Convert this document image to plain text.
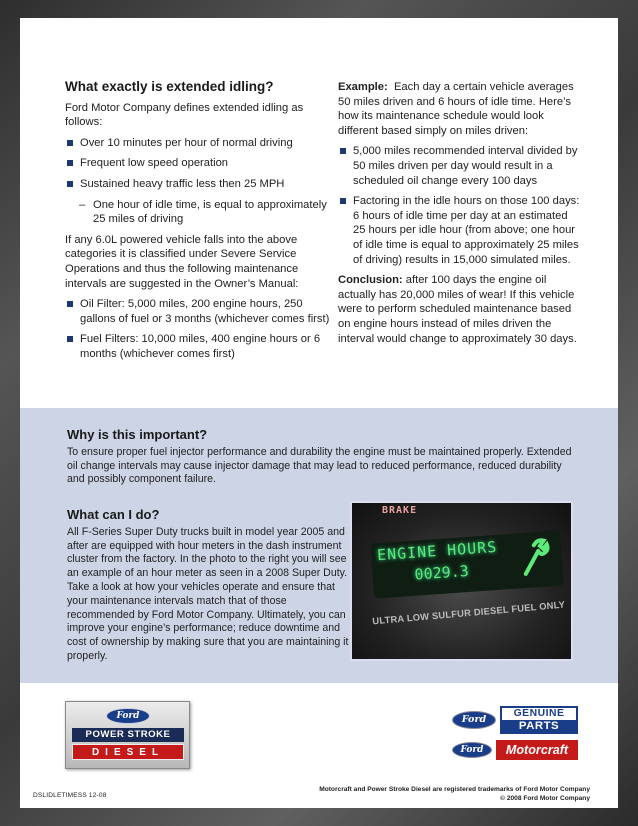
What exactly is extended idling?

Ford Motor Company defines extended idling as follows:

Over 10 minutes per hour of normal driving
Frequent low speed operation
Sustained heavy traffic less then 25 MPH
– One hour of idle time, is equal to approximately 25 miles of driving

If any 6.0L powered vehicle falls into the above categories it is classified under Severe Service Operations and thus the following maintenance intervals are suggested in the Owner’s Manual:

Oil Filter: 5,000 miles, 200 engine hours, 250 gallons of fuel or 3 months (whichever comes first)
Fuel Filters: 10,000 miles, 400 engine hours or 6 months (whichever comes first)

Example: Each day a certain vehicle averages 50 miles driven and 6 hours of idle time. Here’s how its maintenance schedule would look different based simply on miles driven:

5,000 miles recommended interval divided by 50 miles driven per day would result in a scheduled oil change every 100 days
Factoring in the idle hours on those 100 days: 6 hours of idle time per day at an estimated 25 hours per idle hour (from above; one hour of idle time is equal to approximately 25 miles of driving) results in 15,000 simulated miles.

Conclusion: after 100 days the engine oil actually has 20,000 miles of wear! If this vehicle were to perform scheduled maintenance based on engine hours instead of miles driven the interval would change to approximately 30 days.

Why is this important?

To ensure proper fuel injector performance and durability the engine must be maintained properly. Extended oil change intervals may cause injector damage that may lead to reduced performance, reduced durability and possibly component failure.

What can I do?

All F-Series Super Duty trucks built in model year 2005 and after are equipped with hour meters in the dash instrument cluster from the factory. In the photo to the right you will see an example of an hour meter as seen in a 2008 Super Duty. Take a look at how your vehicles operate and ensure that your maintenance intervals match that of those recommended by Ford Motor Company. Ultimately, you can improve your engine’s performance; reduce downtime and cost of ownership by making sure that you are maintaining it properly.

BRAKE
ENGINE HOURS
0029.3
ULTRA LOW SULFUR DIESEL FUEL ONLY
Ford
POWER STROKE
DIESEL
Ford
GENUINE
PARTS
Ford	Motorcraft
DSLIDLETIMESS 12-08
Motorcraft and Power Stroke Diesel are registered trademarks of Ford Motor Company
© 2008 Ford Motor Company
